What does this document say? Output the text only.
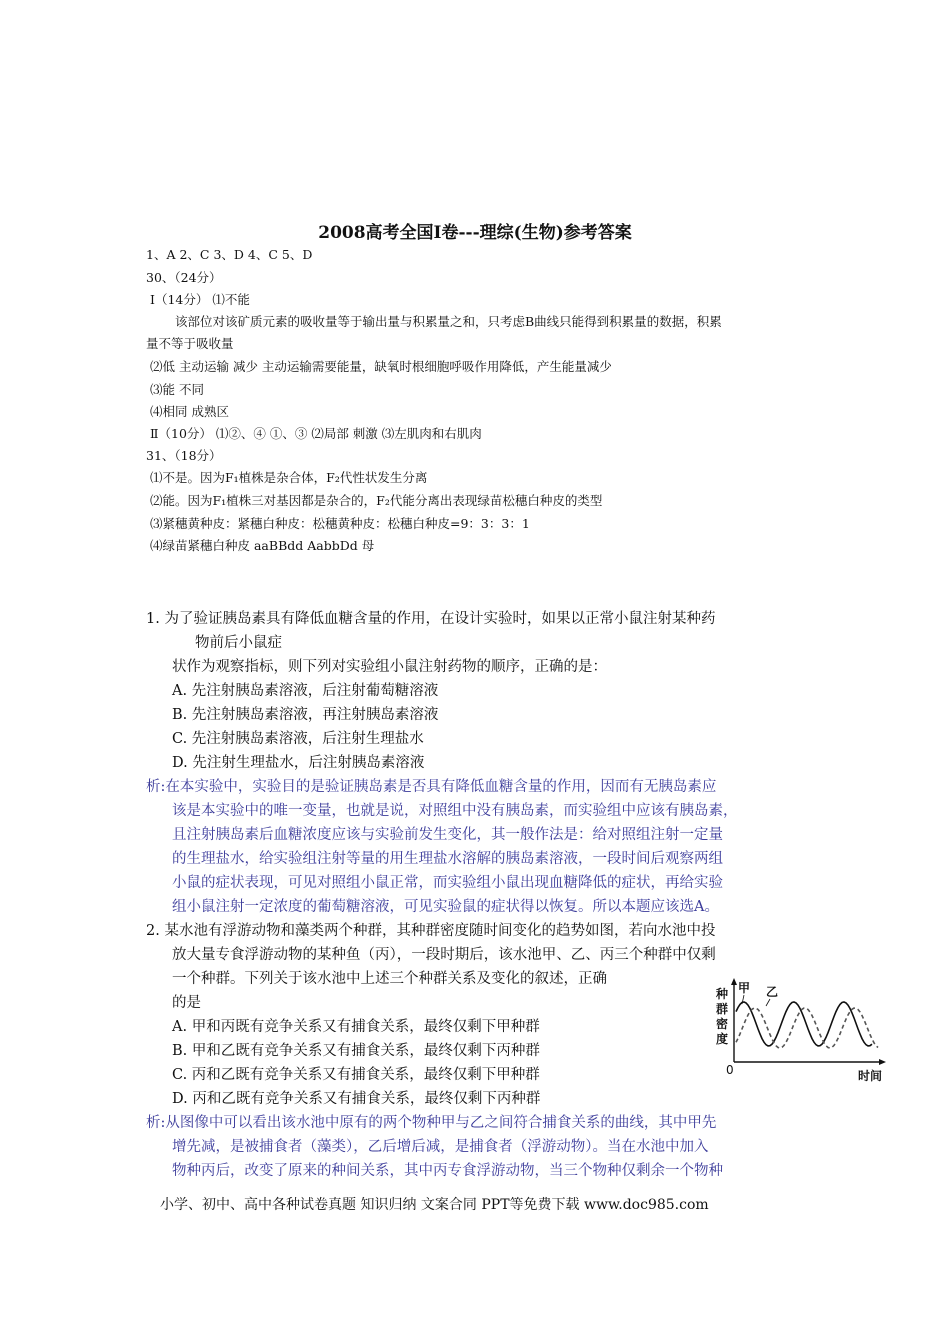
2008高考全国Ⅰ卷---理综(生物)参考答案
1、A 2、C 3、D 4、C 5、D
30、（24分）
Ⅰ（14分） ⑴不能
该部位对该矿质元素的吸收量等于输出量与积累量之和，只考虑B曲线只能得到积累量的数据，积累
量不等于吸收量
⑵低 主动运输 减少 主动运输需要能量，缺氧时根细胞呼吸作用降低，产生能量减少
⑶能 不同
⑷相同 成熟区
Ⅱ（10分） ⑴②、④ ①、③ ⑵局部 刺激 ⑶左肌肉和右肌肉
31、（18分）
⑴不是。因为F₁植株是杂合体，F₂代性状发生分离
⑵能。因为F₁植株三对基因都是杂合的，F₂代能分离出表现绿苗松穗白种皮的类型
⑶紧穗黄种皮：紧穗白种皮：松穗黄种皮：松穗白种皮=9：3：3：1
⑷绿苗紧穗白种皮 aaBBdd AabbDd 母
1. 为了验证胰岛素具有降低血糖含量的作用，在设计实验时，如果以正常小鼠注射某种药
物前后小鼠症
状作为观察指标，则下列对实验组小鼠注射药物的顺序，正确的是：
A. 先注射胰岛素溶液，后注射葡萄糖溶液
B. 先注射胰岛素溶液，再注射胰岛素溶液
C. 先注射胰岛素溶液，后注射生理盐水
D. 先注射生理盐水，后注射胰岛素溶液
析:在本实验中，实验目的是验证胰岛素是否具有降低血糖含量的作用，因而有无胰岛素应
该是本实验中的唯一变量，也就是说，对照组中没有胰岛素，而实验组中应该有胰岛素，
且注射胰岛素后血糖浓度应该与实验前发生变化，其一般作法是：给对照组注射一定量
的生理盐水，给实验组注射等量的用生理盐水溶解的胰岛素溶液，一段时间后观察两组
小鼠的症状表现，可见对照组小鼠正常，而实验组小鼠出现血糖降低的症状，再给实验
组小鼠注射一定浓度的葡萄糖溶液，可见实验鼠的症状得以恢复。所以本题应该选A。
2. 某水池有浮游动物和藻类两个种群，其种群密度随时间变化的趋势如图，若向水池中投
放大量专食浮游动物的某种鱼（丙），一段时期后，该水池甲、乙、丙三个种群中仅剩
一个种群。下列关于该水池中上述三个种群关系及变化的叙述，正确
的是
A. 甲和丙既有竞争关系又有捕食关系，最终仅剩下甲种群
B. 甲和乙既有竞争关系又有捕食关系，最终仅剩下丙种群
C. 丙和乙既有竞争关系又有捕食关系，最终仅剩下甲种群
D. 丙和乙既有竞争关系又有捕食关系，最终仅剩下丙种群
析:从图像中可以看出该水池中原有的两个物种甲与乙之间符合捕食关系的曲线，其中甲先
增先减，是被捕食者（藻类），乙后增后减，是捕食者（浮游动物）。当在水池中加入
物种丙后，改变了原来的种间关系，其中丙专食浮游动物，当三个物种仅剩余一个物种
种
群
密
度
甲 乙
0	时间
小学、初中、高中各种试卷真题 知识归纳 文案合同 PPT等免费下载 www.doc985.com
